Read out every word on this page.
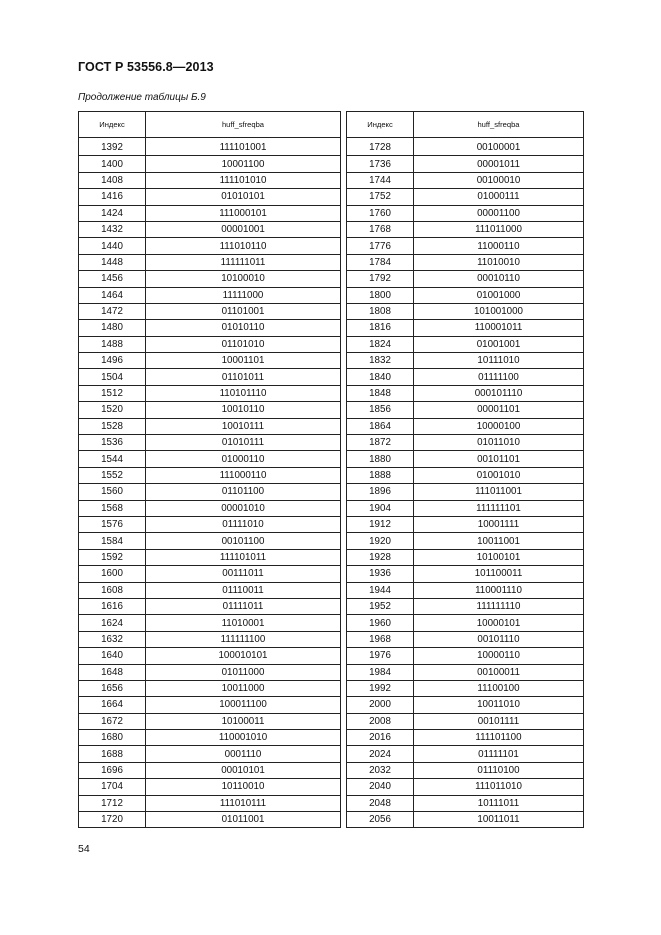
ГОСТ Р 53556.8—2013
Продолжение таблицы Б.9
Индекс	huff_sfreqba
1392	111101001
1400	10001100
1408	111101010
1416	01010101
1424	111000101
1432	00001001
1440	111010110
1448	111111011
1456	10100010
1464	11111000
1472	01101001
1480	01010110
1488	01101010
1496	10001101
1504	01101011
1512	110101110
1520	10010110
1528	10010111
1536	01010111
1544	01000110
1552	111000110
1560	01101100
1568	00001010
1576	01111010
1584	00101100
1592	111101011
1600	00111011
1608	01110011
1616	01111011
1624	11010001
1632	111111100
1640	100010101
1648	01011000
1656	10011000
1664	100011100
1672	10100011
1680	110001010
1688	0001110
1696	00010101
1704	10110010
1712	111010111
1720	01011001
Индекс	huff_sfreqba
1728	00100001
1736	00001011
1744	00100010
1752	01000111
1760	00001100
1768	111011000
1776	11000110
1784	11010010
1792	00010110
1800	01001000
1808	101001000
1816	110001011
1824	01001001
1832	10111010
1840	01111100
1848	000101110
1856	00001101
1864	10000100
1872	01011010
1880	00101101
1888	01001010
1896	111011001
1904	111111101
1912	10001111
1920	10011001
1928	10100101
1936	101100011
1944	110001110
1952	111111110
1960	10000101
1968	00101110
1976	10000110
1984	00100011
1992	11100100
2000	10011010
2008	00101111
2016	111101100
2024	01111101
2032	01110100
2040	111011010
2048	10111011
2056	10011011
54
